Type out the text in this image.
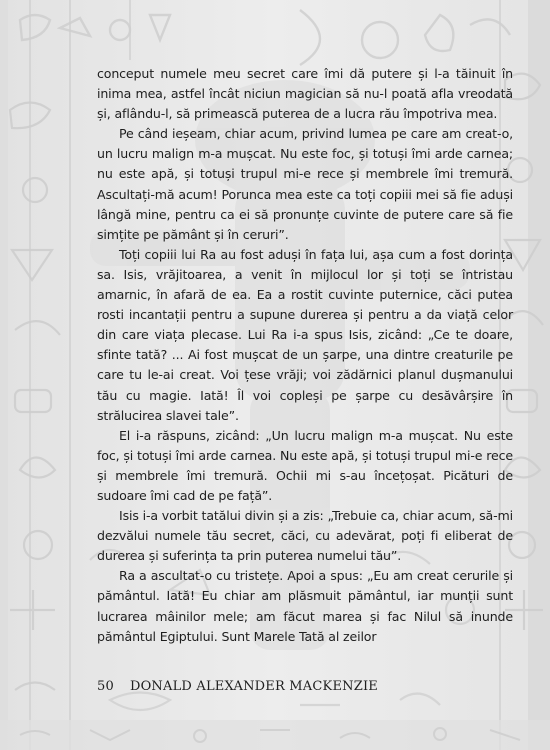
conceput numele meu secret care îmi dă putere și l-a tăinuit în inima mea, astfel încât niciun magician să nu-l poată afla vreodată și, aflându-l, să primească puterea de a lucra rău împotriva mea.

Pe când ieșeam, chiar acum, privind lumea pe care am creat-o, un lucru malign m-a mușcat. Nu este foc, și totuși îmi arde carnea; nu este apă, și totuși trupul mi-e rece și membrele îmi tremură. Ascultați-mă acum! Porunca mea este ca toți copiii mei să fie aduși lângă mine, pentru ca ei să pronunțe cuvinte de putere care să fie simțite pe pământ și în ceruri”.

Toți copiii lui Ra au fost aduși în fața lui, așa cum a fost dorința sa. Isis, vrăjitoarea, a venit în mijlocul lor și toți se întristau amarnic, în afară de ea. Ea a rostit cuvinte puternice, căci putea rosti incantații pentru a supune durerea și pentru a da viață celor din care viața plecase. Lui Ra i-a spus Isis, zicând: „Ce te doare, sfinte tată? ... Ai fost mușcat de un șarpe, una dintre creaturile pe care tu le-ai creat. Voi țese vrăji; voi zădărnici planul dușmanului tău cu magie. Iată! Îl voi copleși pe șarpe cu desăvârșire în strălucirea slavei tale”.

El i-a răspuns, zicând: „Un lucru malign m-a mușcat. Nu este foc, și totuși îmi arde carnea. Nu este apă, și totuși trupul mi-e rece și membrele îmi tremură. Ochii mi s-au încețoșat. Picături de sudoare îmi cad de pe față”.

Isis i-a vorbit tatălui divin și a zis: „Trebuie ca, chiar acum, să-mi dezvălui numele tău secret, căci, cu adevărat, poți fi eliberat de durerea și suferința ta prin puterea numelui tău”.

Ra a ascultat-o cu tristețe. Apoi a spus: „Eu am creat cerurile și pământul. Iată! Eu chiar am plăsmuit pământul, iar munții sunt lucrarea mâinilor mele; am făcut marea și fac Nilul să inunde pământul Egiptului. Sunt Marele Tată al zeilor

50 DONALD ALEXANDER MACKENZIE
